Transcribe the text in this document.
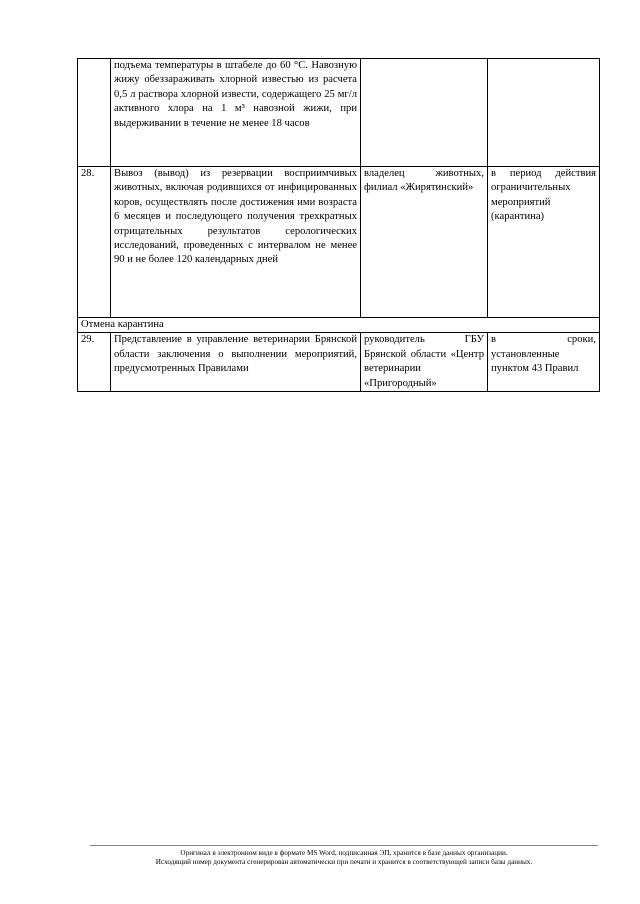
	подъема температуры в штабеле до 60 °С. Навозную жижу обеззараживать хлорной известью из расчета 0,5 л раствора хлорной извести, содержащего 25 мг/л активного хлора на 1 м³ навозной жижи, при выдерживании в течение не менее 18 часов		
28.	Вывоз (вывод) из резервации восприимчивых животных, включая родившихся от инфицированных коров, осуществлять после достижения ими возраста 6 месяцев и последующего получения трехкратных отрицательных результатов серологических исследований, проведенных с интервалом не менее 90 и не более 120 календарных дней	владелец животных, филиал «Жирятинский»	в период действия ограничительных мероприятий (карантина)
Отмена карантина			
29.	Представление в управление ветеринарии Брянской области заключения о выполнении мероприятий, предусмотренных Правилами	руководитель ГБУ Брянской области «Центр ветеринарии «Пригородный»	в сроки, установленные пунктом 43 Правил
Оригинал в электронном виде в формате MS Word, подписанная ЭП, хранится в базе данных организации.
Исходящий номер документа сгенерирован автоматически при печати и хранится в соответствующей записи базы данных.
